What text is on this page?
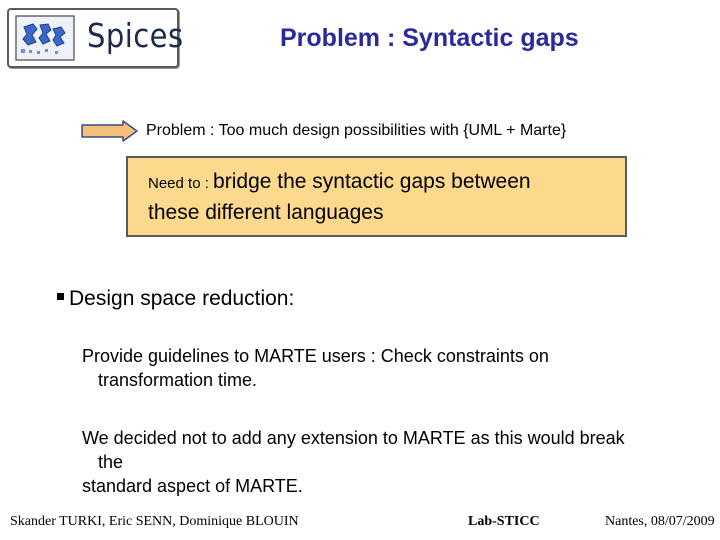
Spices	Problem : Syntactic gaps
Problem : Too much design possibilities with {UML + Marte}
Need to : bridge the syntactic gaps between
these different languages
Design space reduction:
Provide guidelines to MARTE users : Check constraints on
transformation time.
We decided not to add any extension to MARTE as this would break
the
standard aspect of MARTE.
Skander TURKI, Eric SENN, Dominique BLOUIN	Lab-STICC	Nantes, 08/07/2009
